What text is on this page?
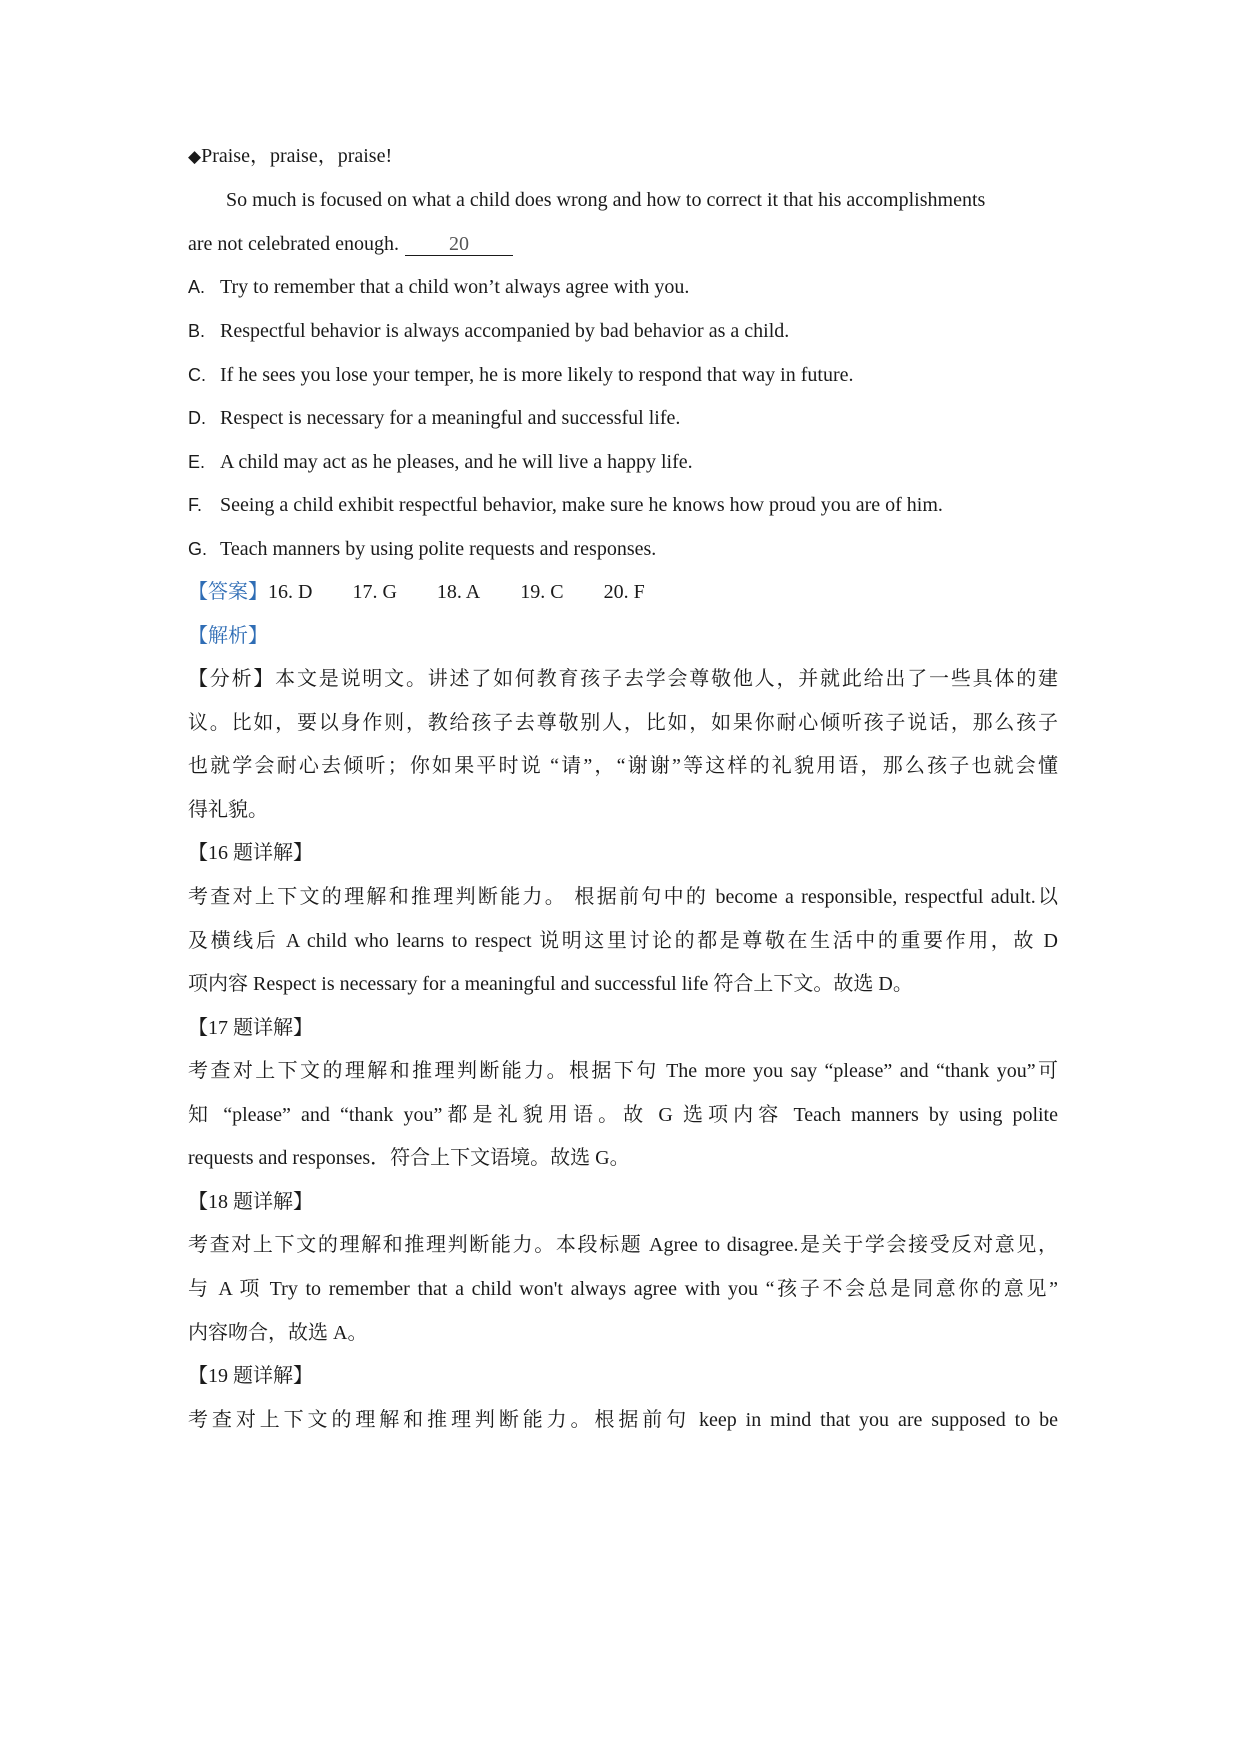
◆Praise，praise，praise!
So much is focused on what a child does wrong and how to correct it that his accomplishments
are not celebrated enough.	20
A. Try to remember that a child won’t always agree with you.
B. Respectful behavior is always accompanied by bad behavior as a child.
C. If he sees you lose your temper, he is more likely to respond that way in future.
D. Respect is necessary for a meaningful and successful life.
E. A child may act as he pleases, and he will live a happy life.
F. Seeing a child exhibit respectful behavior, make sure he knows how proud you are of him.
G. Teach manners by using polite requests and responses.
【答案】16. D 17. G 18. A 19. C 20. F
【解析】
【分析】本文是说明文。讲述了如何教育孩子去学会尊敬他人，并就此给出了一些具体的建
议。比如，要以身作则，教给孩子去尊敬别人，比如，如果你耐心倾听孩子说话，那么孩子
也就学会耐心去倾听；你如果平时说 “请”，“谢谢”等这样的礼貌用语，那么孩子也就会懂
得礼貌。
【16 题详解】
考查对上下文的理解和推理判断能力。 根据前句中的 become a responsible, respectful adult.以
及横线后 A child who learns to respect 说明这里讨论的都是尊敬在生活中的重要作用，故 D
项内容 Respect is necessary for a meaningful and successful life 符合上下文。故选 D。
【17 题详解】
考查对上下文的理解和推理判断能力。根据下句 The more you say “please” and “thank you”可
知 “please” and “thank you”都是礼貌用语。故 G 选项内容 Teach manners by using polite
requests and responses．符合上下文语境。故选 G。
【18 题详解】
考查对上下文的理解和推理判断能力。本段标题 Agree to disagree.是关于学会接受反对意见，
与 A 项 Try to remember that a child won't always agree with you “孩子不会总是同意你的意见”
内容吻合，故选 A。
【19 题详解】
考查对上下文的理解和推理判断能力。根据前句 keep in mind that you are supposed to be
